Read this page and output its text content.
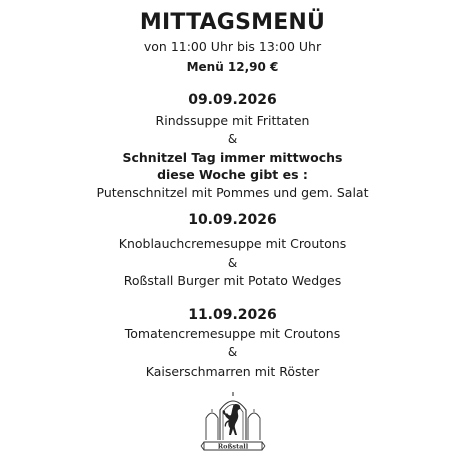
MITTAGSMENÜ
von 11:00 Uhr bis 13:00 Uhr
Menü 12,90 €
09.09.2026
Rindssuppe mit Frittaten
&
Schnitzel Tag immer mittwochs
diese Woche gibt es :
Putenschnitzel mit Pommes und gem. Salat
10.09.2026
Knoblauchcremesuppe mit Croutons
&
Roßstall Burger mit Potato Wedges
11.09.2026
Tomatencremesuppe mit Croutons
&
Kaiserschmarren mit Röster
Roßstall
